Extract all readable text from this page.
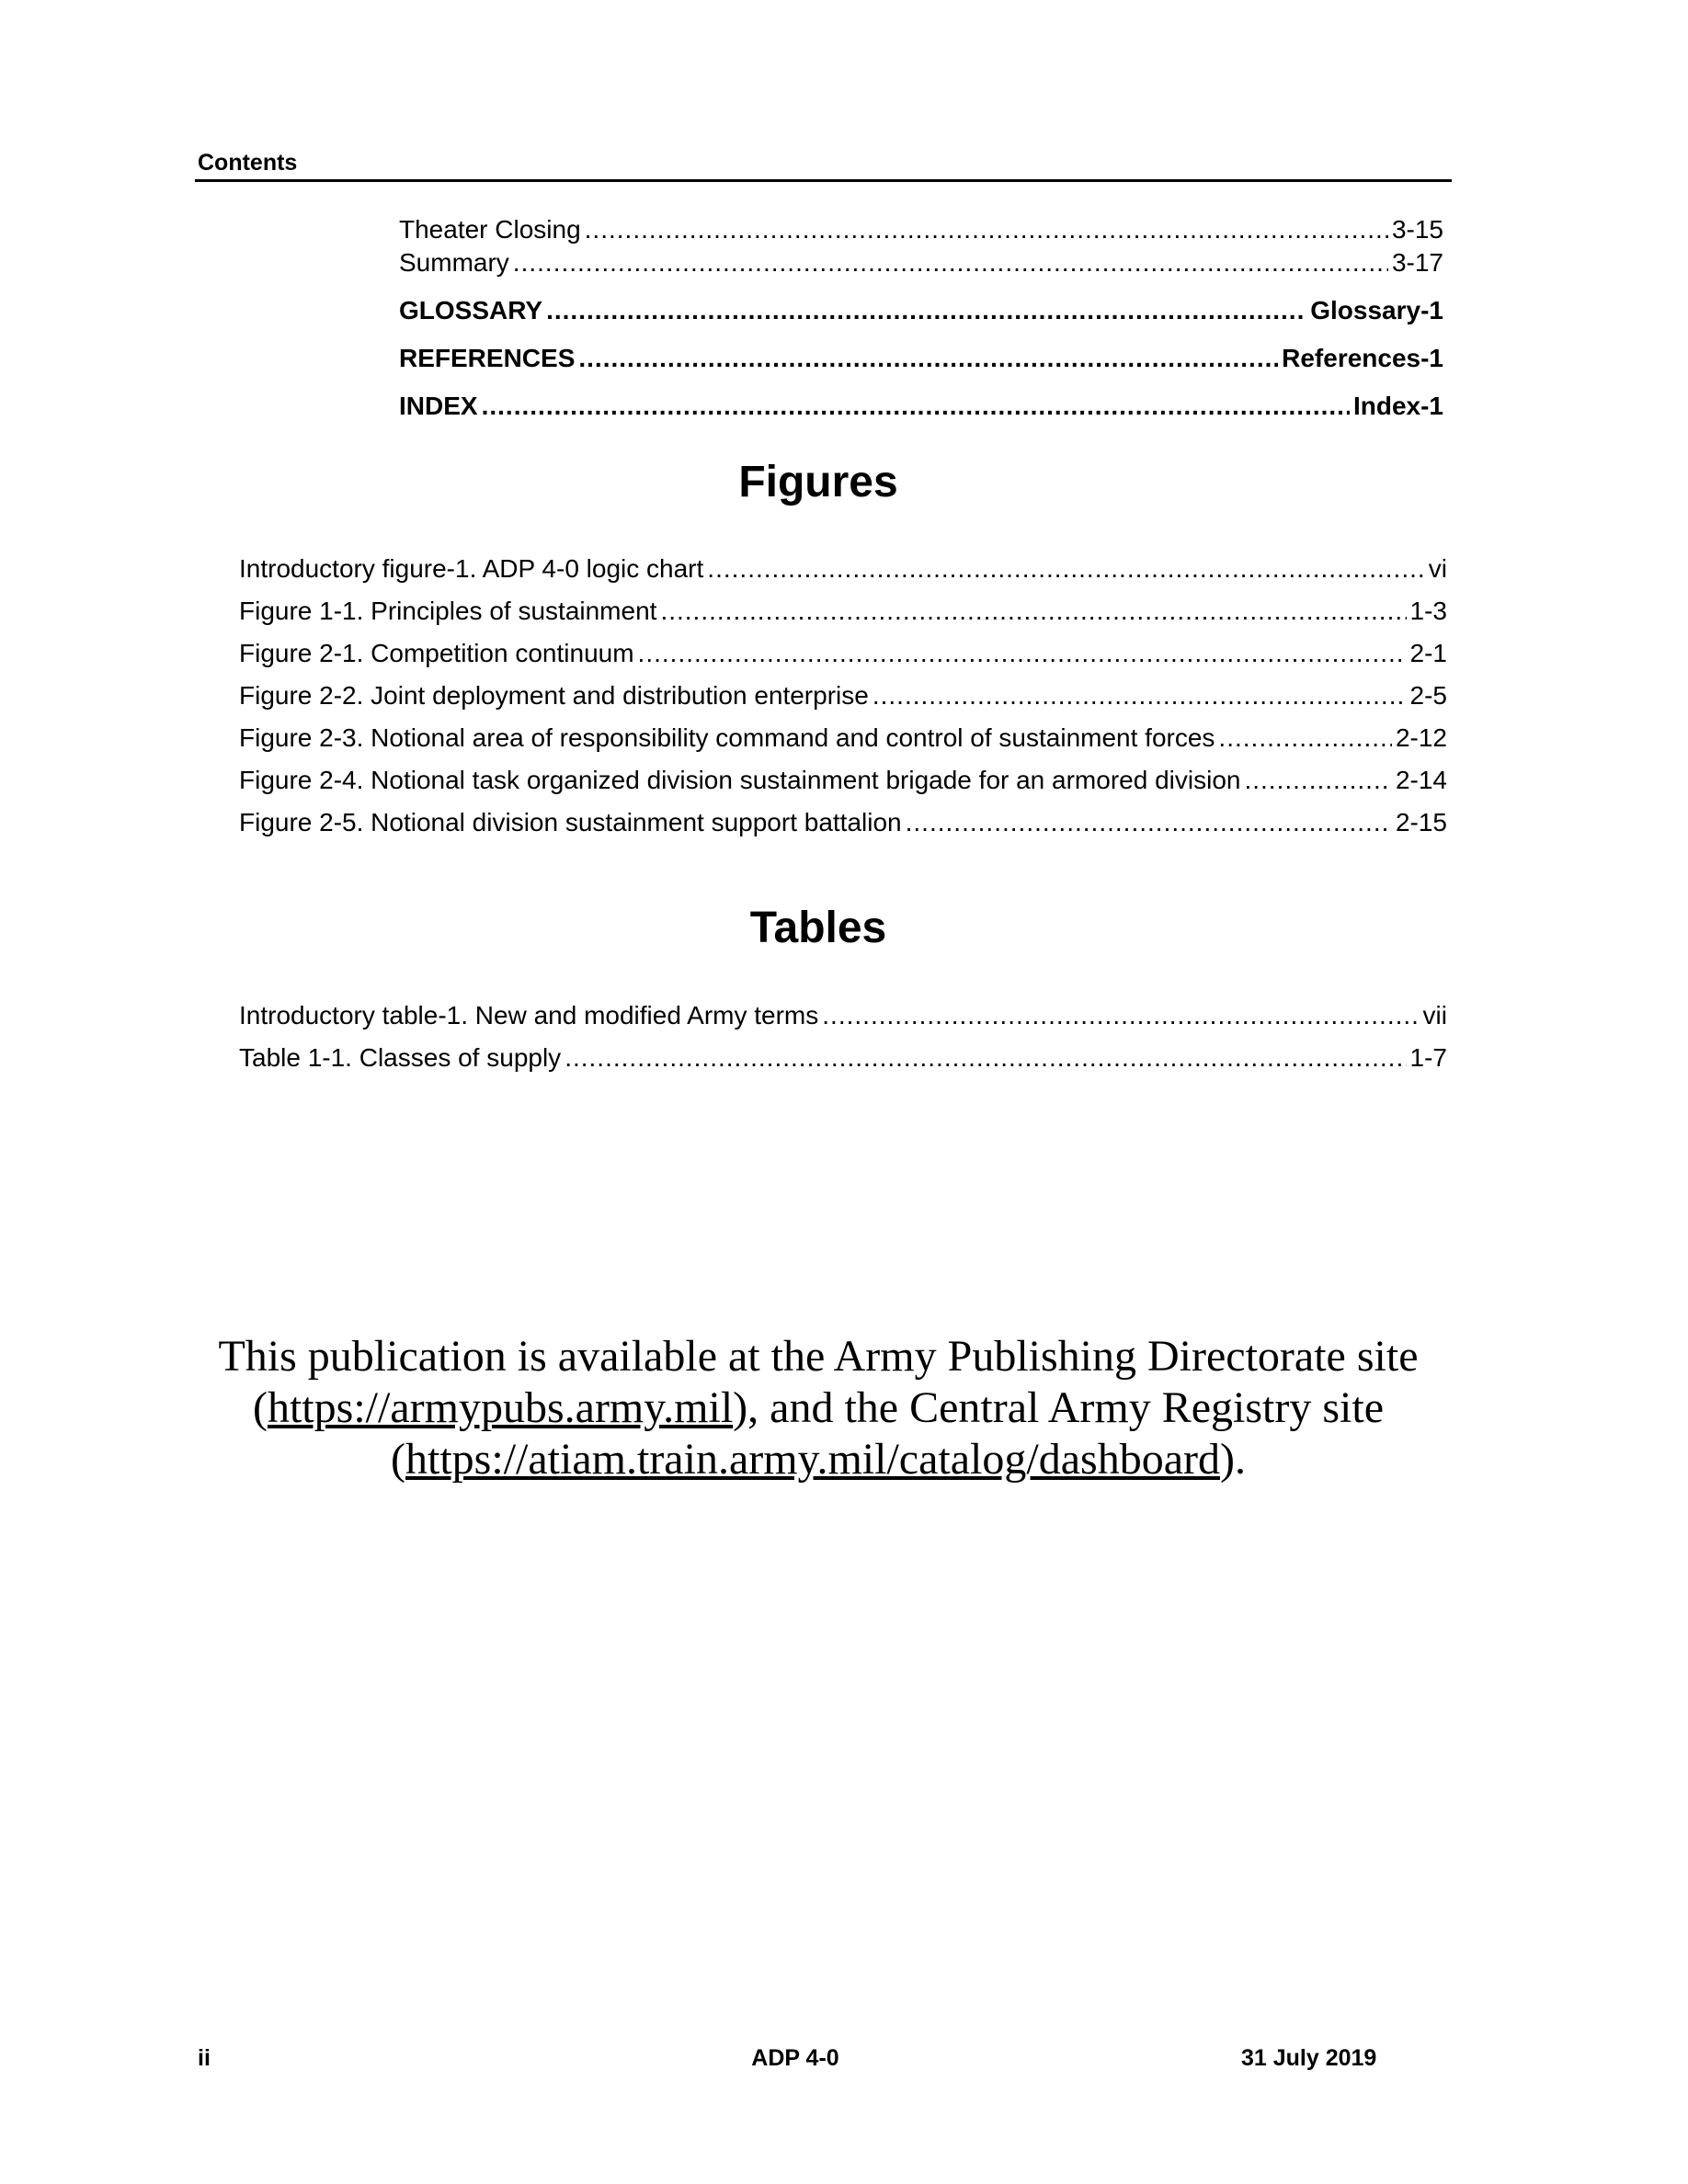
Contents
Theater Closing .....	3-15
Summary .....	3-17
GLOSSARY .....	Glossary-1
REFERENCES .....	References-1
INDEX .....	Index-1
Figures
Introductory figure-1. ADP 4-0 logic chart .....	vi
Figure 1-1. Principles of sustainment .....	1-3
Figure 2-1. Competition continuum .....	2-1
Figure 2-2. Joint deployment and distribution enterprise .....	2-5
Figure 2-3. Notional area of responsibility command and control of sustainment forces .....	2-12
Figure 2-4. Notional task organized division sustainment brigade for an armored division .....	2-14
Figure 2-5. Notional division sustainment support battalion .....	2-15
Tables
Introductory table-1. New and modified Army terms .....	vii
Table 1-1. Classes of supply .....	1-7
This publication is available at the Army Publishing Directorate site
(https://armypubs.army.mil), and the Central Army Registry site
(https://atiam.train.army.mil/catalog/dashboard).
ii	ADP 4-0	31 July 2019
